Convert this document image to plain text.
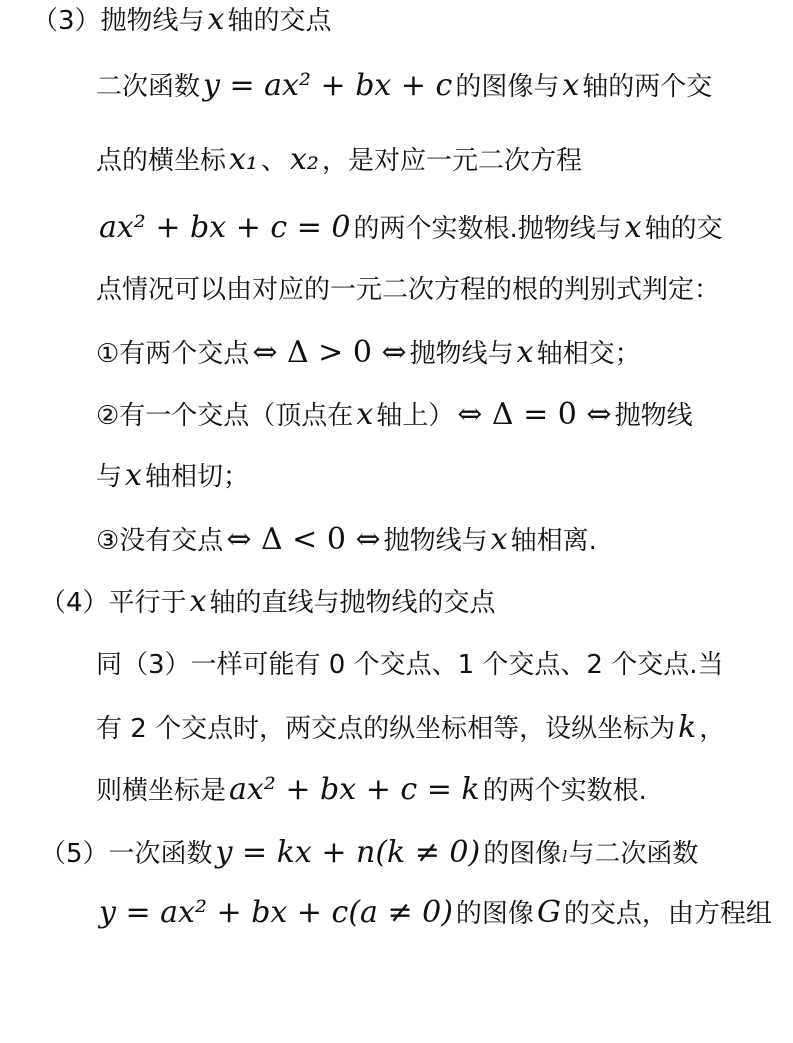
（3）抛物线与 x 轴的交点
二次函数 y = ax² + bx + c 的图像与 x 轴的两个交
点的横坐标 x₁ 、 x₂ ，是对应一元二次方程
ax² + bx + c = 0 的两个实数根.抛物线与 x 轴的交
点情况可以由对应的一元二次方程的根的判别式判定：
①有两个交点 ⇔ Δ > 0 ⇔ 抛物线与 x 轴相交；
②有一个交点（顶点在 x 轴上） ⇔ Δ = 0 ⇔ 抛物线
与 x 轴相切；
③没有交点 ⇔ Δ < 0 ⇔ 抛物线与 x 轴相离.
（4）平行于 x 轴的直线与抛物线的交点
同（3）一样可能有 0 个交点、1 个交点、2 个交点.当
有 2 个交点时，两交点的纵坐标相等，设纵坐标为 k ，
则横坐标是 ax² + bx + c = k 的两个实数根.
（5）一次函数 y = kx + n(k ≠ 0) 的图像 l 与二次函数
y = ax² + bx + c(a ≠ 0) 的图像 G 的交点，由方程组
